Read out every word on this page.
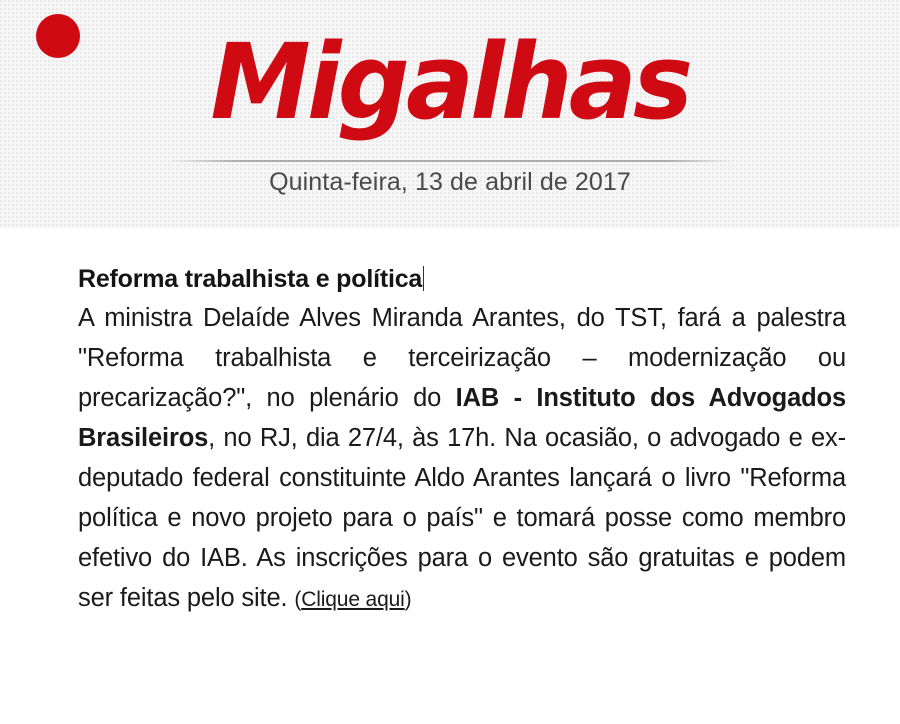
Migalhas
Quinta-feira, 13 de abril de 2017
Reforma trabalhista e política

A ministra Delaíde Alves Miranda Arantes, do TST, fará a palestra "Reforma trabalhista e terceirização – modernização ou precarização?", no plenário do IAB - Instituto dos Advogados Brasileiros, no RJ, dia 27/4, às 17h. Na ocasião, o advogado e ex-deputado federal constituinte Aldo Arantes lançará o livro "Reforma política e novo projeto para o país" e tomará posse como membro efetivo do IAB. As inscrições para o evento são gratuitas e podem ser feitas pelo site. (Clique aqui)
